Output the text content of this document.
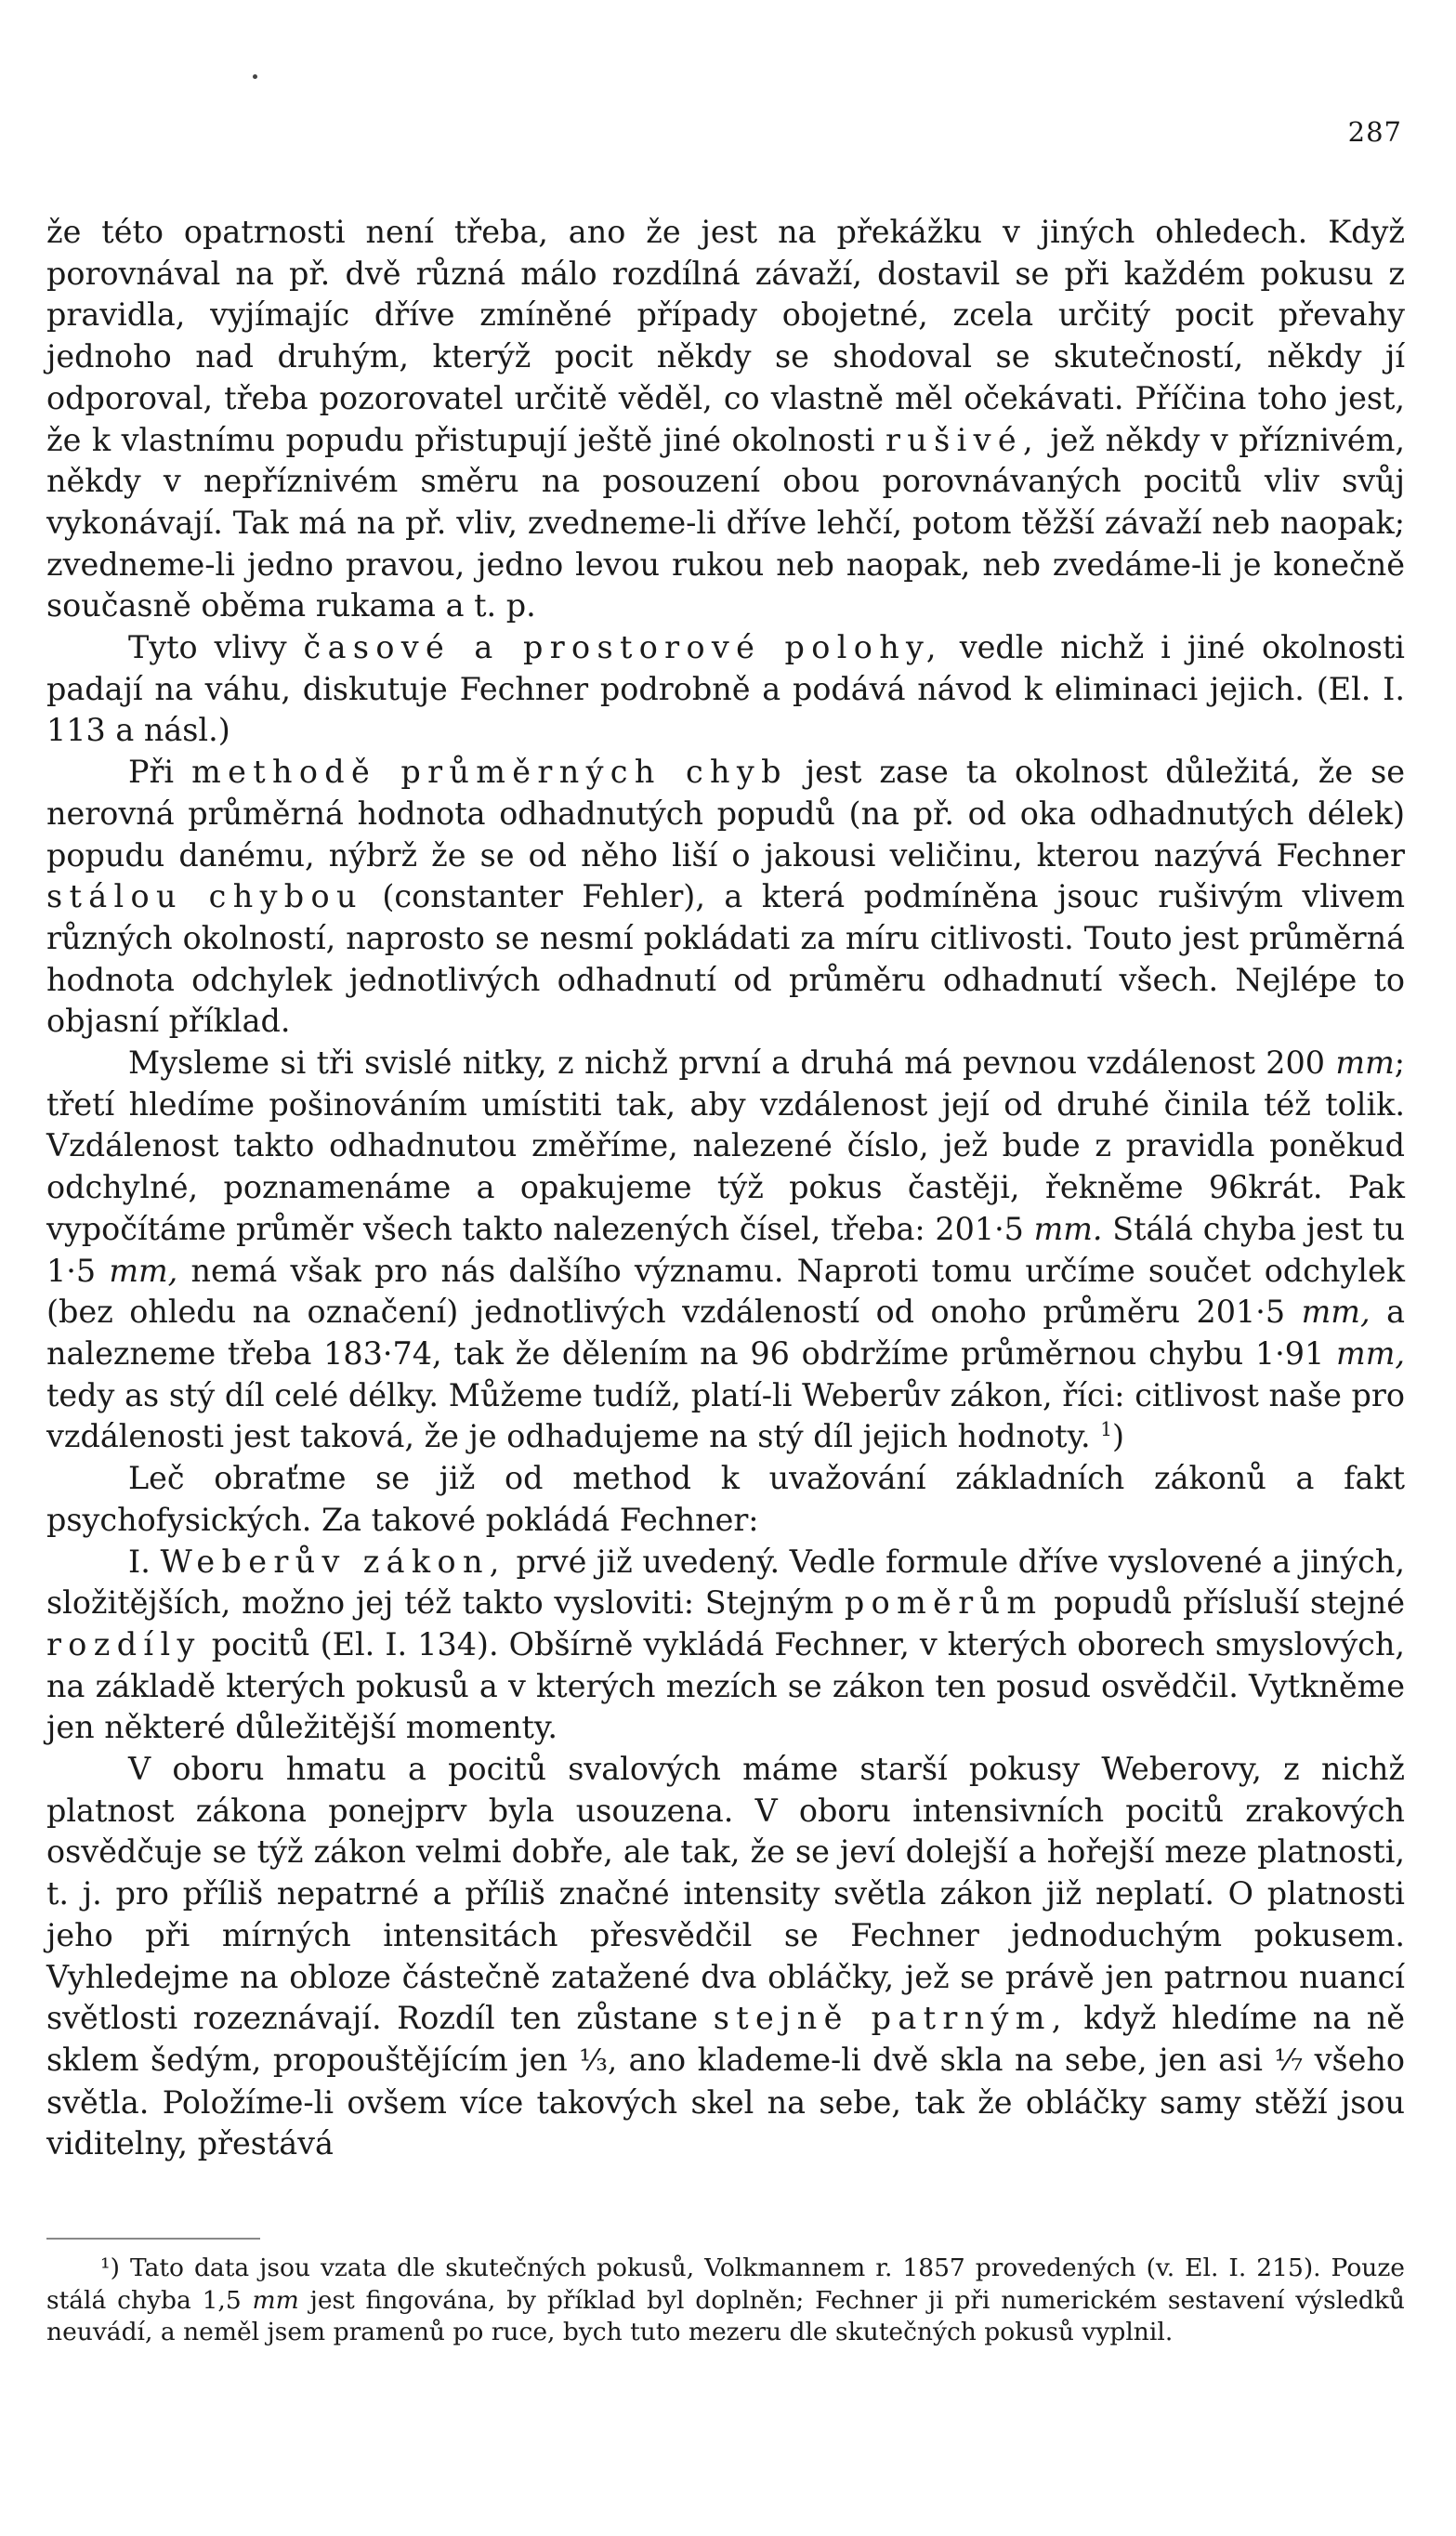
287

že této opatrnosti není třeba, ano že jest na překážku v jiných ohledech. Když porovnával na př. dvě různá málo rozdílná závaží, dostavil se při každém pokusu z pravidla, vyjímajíc dříve zmíněné případy obojetné, zcela určitý pocit převahy jednoho nad druhým, kterýž pocit někdy se shodoval se skutečností, někdy jí odporoval, třeba pozorovatel určitě věděl, co vlastně měl očekávati. Příčina toho jest, že k vlastnímu popudu přistupují ještě jiné okolnosti rušivé, jež někdy v příznivém, někdy v nepříznivém směru na posouzení obou porovnávaných pocitů vliv svůj vykonávají. Tak má na př. vliv, zvedneme-li dříve lehčí, potom těžší závaží neb naopak; zvedneme-li jedno pravou, jedno levou rukou neb naopak, neb zvedáme-li je konečně současně oběma rukama a t. p.

Tyto vlivy časové a prostorové polohy, vedle nichž i jiné okolnosti padají na váhu, diskutuje Fechner podrobně a podává návod k eliminaci jejich. (El. I. 113 a násl.)

Při methodě průměrných chyb jest zase ta okolnost důležitá, že se nerovná průměrná hodnota odhadnutých popudů (na př. od oka odhadnutých délek) popudu danému, nýbrž že se od něho liší o jakousi veličinu, kterou nazývá Fechner stálou chybou (constanter Fehler), a která podmíněna jsouc rušivým vlivem různých okolností, naprosto se nesmí pokládati za míru citlivosti. Touto jest průměrná hodnota odchylek jednotlivých odhadnutí od průměru odhadnutí všech. Nejlépe to objasní příklad.

Mysleme si tři svislé nitky, z nichž první a druhá má pevnou vzdálenost 200 mm; třetí hledíme pošinováním umístiti tak, aby vzdálenost její od druhé činila též tolik. Vzdálenost takto odhadnutou změříme, nalezené číslo, jež bude z pravidla poněkud odchylné, poznamenáme a opakujeme týž pokus častěji, řekněme 96krát. Pak vypočítáme průměr všech takto nalezených čísel, třeba: 201·5 mm. Stálá chyba jest tu 1·5 mm, nemá však pro nás dalšího významu. Naproti tomu určíme součet odchylek (bez ohledu na označení) jednotlivých vzdáleností od onoho průměru 201·5 mm, a nalezneme třeba 183·74, tak že dělením na 96 obdržíme průměrnou chybu 1·91 mm, tedy as stý díl celé délky. Můžeme tudíž, platí-li Weberův zákon, říci: citlivost naše pro vzdálenosti jest taková, že je odhadujeme na stý díl jejich hodnoty. $^1$)

Leč obraťme se již od method k uvažování základních zákonů a fakt psychofysických. Za takové pokládá Fechner:

I. Weberův zákon, prvé již uvedený. Vedle formule dříve vyslovené a jiných, složitějších, možno jej též takto vysloviti: Stejným poměrům popudů přísluší stejné rozdíly pocitů (El. I. 134). Obšírně vykládá Fechner, v kterých oborech smyslových, na základě kterých pokusů a v kterých mezích se zákon ten posud osvědčil. Vytkněme jen některé důležitější momenty.

V oboru hmatu a pocitů svalových máme starší pokusy Weberovy, z nichž platnost zákona ponejprv byla usouzena. V oboru intensivních pocitů zrakových osvědčuje se týž zákon velmi dobře, ale tak, že se jeví dolejší a hořejší meze platnosti, t. j. pro příliš nepatrné a příliš značné intensity světla zákon již neplatí. O platnosti jeho při mírných intensitách přesvědčil se Fechner jednoduchým pokusem. Vyhledejme na obloze částečně zatažené dva obláčky, jež se právě jen patrnou nuancí světlosti rozeznávají. Rozdíl ten zůstane stejně patrným, když hledíme na ně sklem šedým, propouštějícím jen ¹⁄₃, ano klademe-li dvě skla na sebe, jen asi ¹⁄₇ všeho světla. Položíme-li ovšem více takových skel na sebe, tak že obláčky samy stěží jsou viditelny, přestává

¹) Tato data jsou vzata dle skutečných pokusů, Volkmannem r. 1857 provedených (v. El. I. 215). Pouze stálá chyba 1,5 mm jest fingována, by příklad byl doplněn; Fechner ji při numerickém sestavení výsledků neuvádí, a neměl jsem pramenů po ruce, bych tuto mezeru dle skutečných pokusů vyplnil.
